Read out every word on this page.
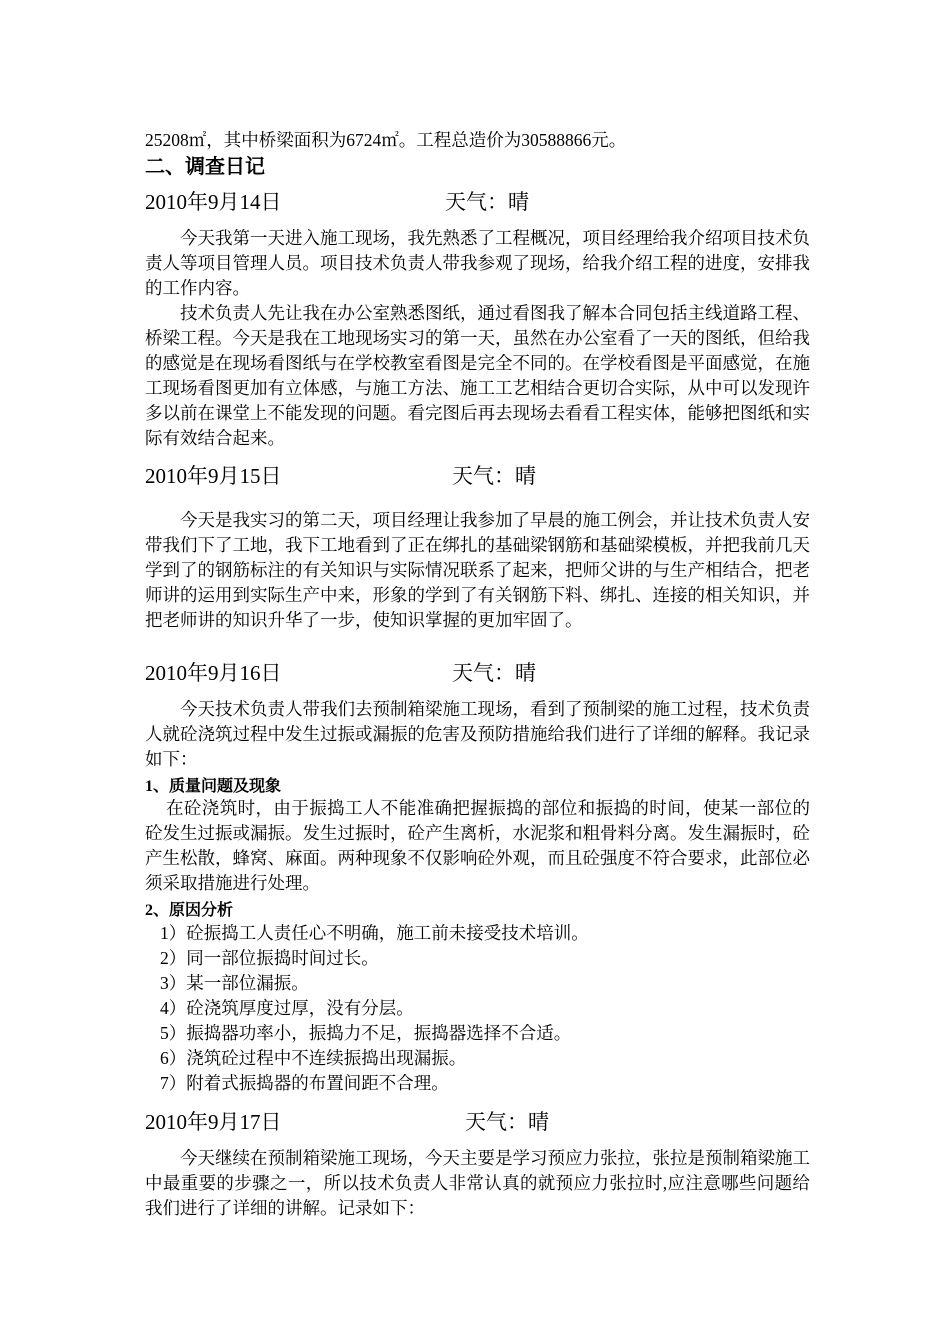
25208㎡，其中桥梁面积为6724㎡。工程总造价为30588866元。
二、调查日记
2010年9月14日	天气：晴
今天我第一天进入施工现场，我先熟悉了工程概况，项目经理给我介绍项目技术负责人等项目管理人员。项目技术负责人带我参观了现场，给我介绍工程的进度，安排我的工作内容。
技术负责人先让我在办公室熟悉图纸，通过看图我了解本合同包括主线道路工程、桥梁工程。今天是我在工地现场实习的第一天，虽然在办公室看了一天的图纸，但给我的感觉是在现场看图纸与在学校教室看图是完全不同的。在学校看图是平面感觉，在施工现场看图更加有立体感，与施工方法、施工工艺相结合更切合实际，从中可以发现许多以前在课堂上不能发现的问题。看完图后再去现场去看看工程实体，能够把图纸和实际有效结合起来。
2010年9月15日	天气：晴
今天是我实习的第二天，项目经理让我参加了早晨的施工例会，并让技术负责人安带我们下了工地，我下工地看到了正在绑扎的基础梁钢筋和基础梁模板，并把我前几天学到了的钢筋标注的有关知识与实际情况联系了起来，把师父讲的与生产相结合，把老师讲的运用到实际生产中来，形象的学到了有关钢筋下料、绑扎、连接的相关知识，并把老师讲的知识升华了一步，使知识掌握的更加牢固了。
2010年9月16日	天气：晴
今天技术负责人带我们去预制箱梁施工现场，看到了预制梁的施工过程，技术负责人就砼浇筑过程中发生过振或漏振的危害及预防措施给我们进行了详细的解释。我记录如下：
1、质量问题及现象
在砼浇筑时，由于振捣工人不能准确把握振捣的部位和振捣的时间，使某一部位的砼发生过振或漏振。发生过振时，砼产生离析，水泥浆和粗骨料分离。发生漏振时，砼产生松散，蜂窝、麻面。两种现象不仅影响砼外观，而且砼强度不符合要求，此部位必须采取措施进行处理。
2、原因分析
1）砼振捣工人责任心不明确，施工前未接受技术培训。
2）同一部位振捣时间过长。
3）某一部位漏振。
4）砼浇筑厚度过厚，没有分层。
5）振捣器功率小，振捣力不足，振捣器选择不合适。
6）浇筑砼过程中不连续振捣出现漏振。
7）附着式振捣器的布置间距不合理。
2010年9月17日	天气：晴
今天继续在预制箱梁施工现场，今天主要是学习预应力张拉，张拉是预制箱梁施工中最重要的步骤之一，所以技术负责人非常认真的就预应力张拉时,应注意哪些问题给我们进行了详细的讲解。记录如下：
